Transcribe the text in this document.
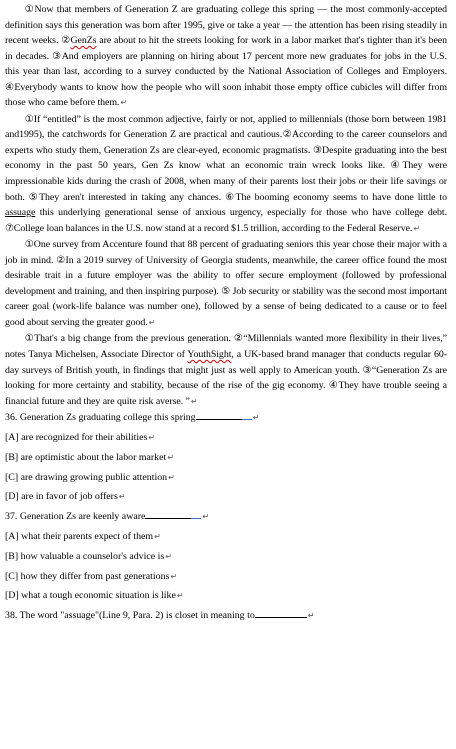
①Now that members of Generation Z are graduating college this spring — the most commonly-accepted definition says this generation was born after 1995, give or take a year — the attention has been rising steadily in recent weeks. ②GenZs are about to hit the streets looking for work in a labor market that's tighter than it's been in decades. ③And employers are planning on hiring about 17 percent more new graduates for jobs in the U.S. this year than last, according to a survey conducted by the National Association of Colleges and Employers. ④Everybody wants to know how the people who will soon inhabit those empty office cubicles will differ from those who came before them.↵

①If “entitled” is the most common adjective, fairly or not, applied to millennials (those born between 1981 and1995), the catchwords for Generation Z are practical and cautious.②According to the career counselors and experts who study them, Generation Zs are clear-eyed, economic pragmatists. ③Despite graduating into the best economy in the past 50 years, Gen Zs know what an economic train wreck looks like. ④They were impressionable kids during the crash of 2008, when many of their parents lost their jobs or their life savings or both. ⑤They aren't interested in taking any chances. ⑥The booming economy seems to have done little to assuage this underlying generational sense of anxious urgency, especially for those who have college debt. ⑦College loan balances in the U.S. now stand at a record $1.5 trillion, according to the Federal Reserve.↵

①One survey from Accenture found that 88 percent of graduating seniors this year chose their major with a job in mind. ②In a 2019 survey of University of Georgia students, meanwhile, the career office found the most desirable trait in a future employer was the ability to offer secure employment (followed by professional development and training, and then inspiring purpose). ⑤ Job security or stability was the second most important career goal (work-life balance was number one), followed by a sense of being dedicated to a cause or to feel good about serving the greater good.↵

①That's a big change from the previous generation. ②“Millennials wanted more flexibility in their lives,” notes Tanya Michelsen, Associate Director of YouthSight, a UK-based brand manager that conducts regular 60-day surveys of British youth, in findings that might just as well apply to American youth. ③“Generation Zs are looking for more certainty and stability, because of the rise of the gig economy. ④They have trouble seeing a financial future and they are quite risk averse. ”↵

36. Generation Zs graduating college this spring	↵
[A] are recognized for their abilities↵
[B] are optimistic about the labor market↵
[C] are drawing growing public attention↵
[D] are in favor of job offers↵
37. Generation Zs are keenly aware	↵
[A] what their parents expect of them↵
[B] how valuable a counselor's advice is↵
[C] how they differ from past generations↵
[D] what a tough economic situation is like↵
38. The word "assuage"(Line 9, Para. 2) is closet in meaning to	↵
